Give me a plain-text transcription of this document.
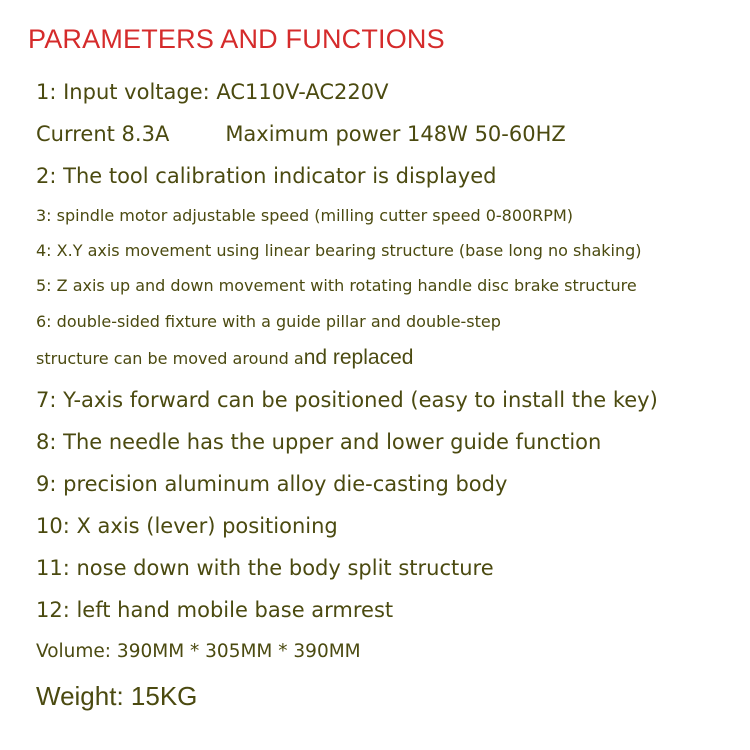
PARAMETERS AND FUNCTIONS
1: Input voltage: AC110V-AC220V
Current 8.3A	Maximum power 148W 50-60HZ
2: The tool calibration indicator is displayed
3: spindle motor adjustable speed (milling cutter speed 0-800RPM)
4: X.Y axis movement using linear bearing structure (base long no shaking)
5: Z axis up and down movement with rotating handle disc brake structure
6: double-sided fixture with a guide pillar and double-step
structure can be moved around and replaced
7: Y-axis forward can be positioned (easy to install the key)
8: The needle has the upper and lower guide function
9: precision aluminum alloy die-casting body
10: X axis (lever) positioning
11: nose down with the body split structure
12: left hand mobile base armrest
Volume: 390MM * 305MM * 390MM
Weight: 15KG
